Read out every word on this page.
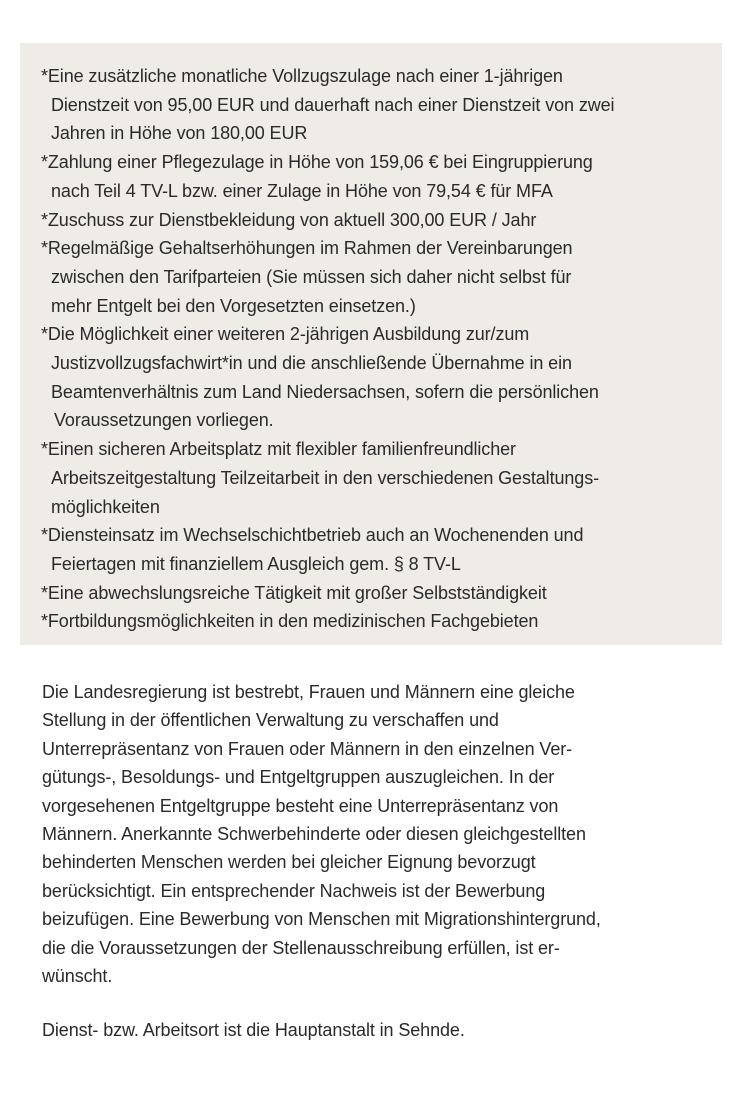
*Eine zusätzliche monatliche Vollzugszulage nach einer 1-jährigen
Dienstzeit von 95,00 EUR und dauerhaft nach einer Dienstzeit von zwei
Jahren in Höhe von 180,00 EUR
*Zahlung einer Pflegezulage in Höhe von 159,06 € bei Eingruppierung
nach Teil 4 TV-L bzw. einer Zulage in Höhe von 79,54 € für MFA
*Zuschuss zur Dienstbekleidung von aktuell 300,00 EUR / Jahr
*Regelmäßige Gehaltserhöhungen im Rahmen der Vereinbarungen
zwischen den Tarifparteien (Sie müssen sich daher nicht selbst für
mehr Entgelt bei den Vorgesetzten einsetzen.)
*Die Möglichkeit einer weiteren 2-jährigen Ausbildung zur/zum
Justizvollzugsfachwirt*in und die anschließende Übernahme in ein
Beamtenverhältnis zum Land Niedersachsen, sofern die persönlichen
Voraussetzungen vorliegen.
*Einen sicheren Arbeitsplatz mit flexibler familienfreundlicher
Arbeitszeitgestaltung Teilzeitarbeit in den verschiedenen Gestaltungs-
möglichkeiten
*Diensteinsatz im Wechselschichtbetrieb auch an Wochenenden und
Feiertagen mit finanziellem Ausgleich gem. § 8 TV-L
*Eine abwechslungsreiche Tätigkeit mit großer Selbstständigkeit
*Fortbildungsmöglichkeiten in den medizinischen Fachgebieten
Die Landesregierung ist bestrebt, Frauen und Männern eine gleiche
Stellung in der öffentlichen Verwaltung zu verschaffen und
Unterrepräsentanz von Frauen oder Männern in den einzelnen Ver-
gütungs-, Besoldungs- und Entgeltgruppen auszugleichen. In der
vorgesehenen Entgeltgruppe besteht eine Unterrepräsentanz von
Männern. Anerkannte Schwerbehinderte oder diesen gleichgestellten
behinderten Menschen werden bei gleicher Eignung bevorzugt
berücksichtigt. Ein entsprechender Nachweis ist der Bewerbung
beizufügen. Eine Bewerbung von Menschen mit Migrationshintergrund,
die die Voraussetzungen der Stellenausschreibung erfüllen, ist er-
wünscht.
Dienst- bzw. Arbeitsort ist die Hauptanstalt in Sehnde.
